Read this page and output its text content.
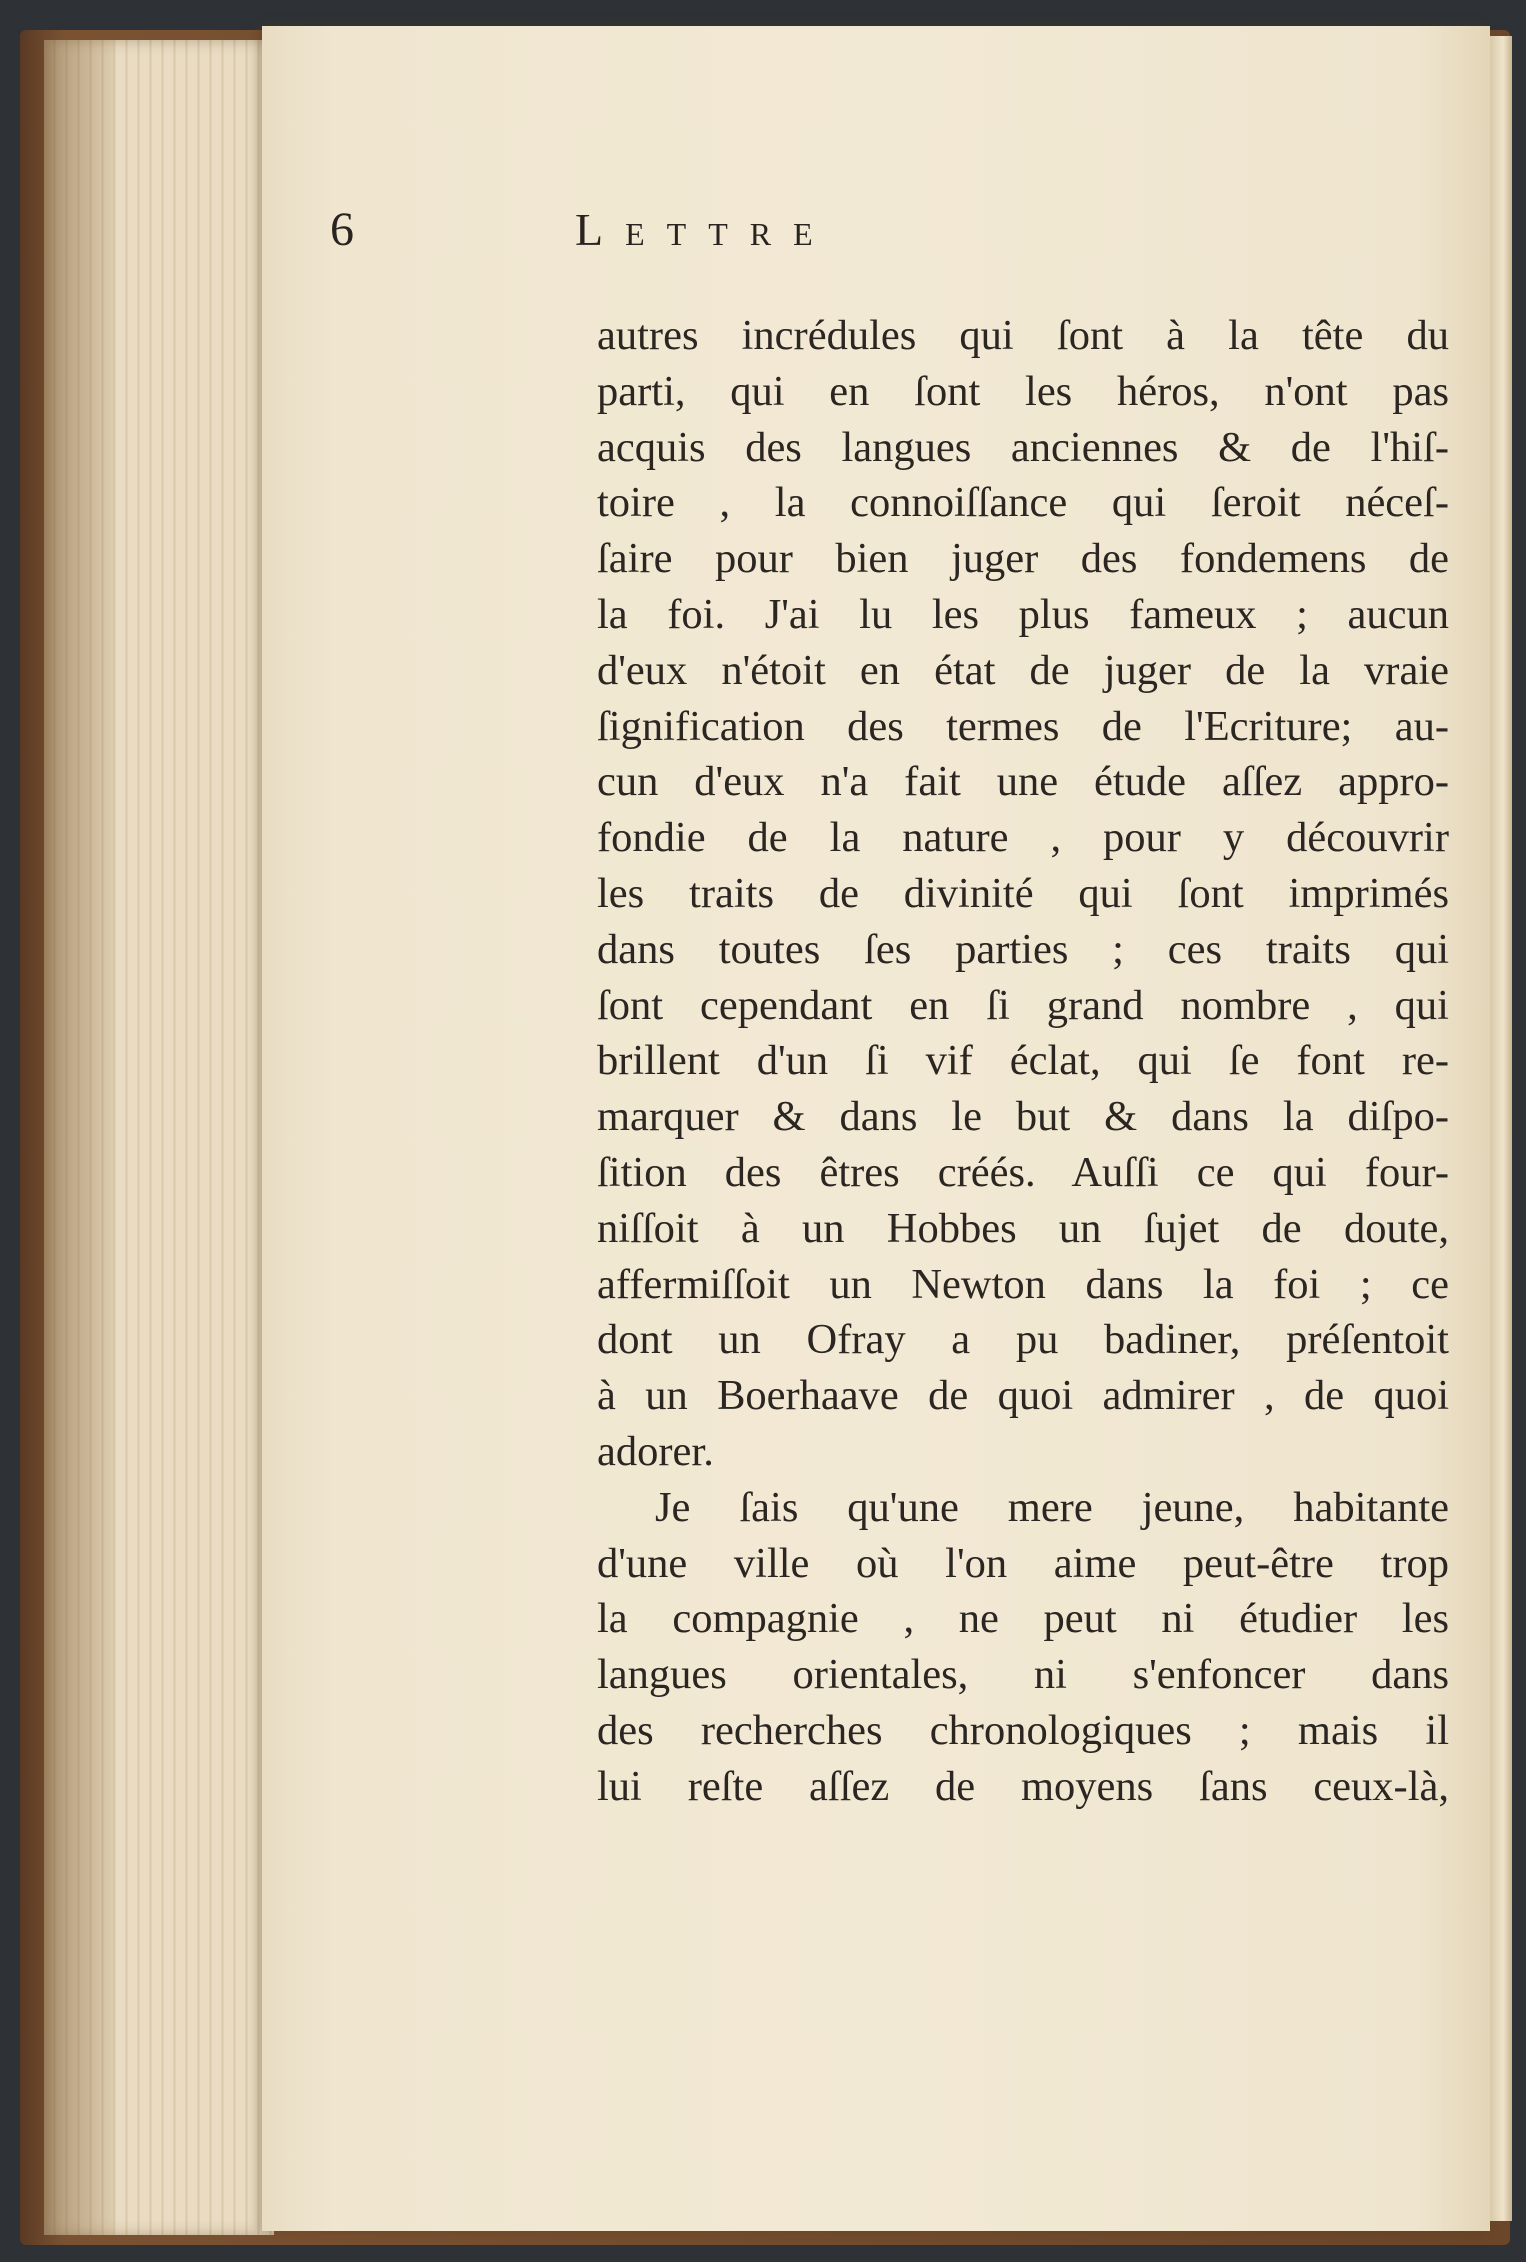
6	Lettre
autres incrédules qui ſont à la tête du
parti, qui en ſont les héros, n'ont pas
acquis des langues anciennes & de l'hiſ-
toire , la connoiſſance qui ſeroit néceſ-
ſaire pour bien juger des fondemens de
la foi. J'ai lu les plus fameux ; aucun
d'eux n'étoit en état de juger de la vraie
ſignification des termes de l'Ecriture; au-
cun d'eux n'a fait une étude aſſez appro-
fondie de la nature , pour y découvrir
les traits de divinité qui ſont imprimés
dans toutes ſes parties ; ces traits qui
ſont cependant en ſi grand nombre , qui
brillent d'un ſi vif éclat, qui ſe font re-
marquer & dans le but & dans la diſpo-
ſition des êtres créés. Auſſi ce qui four-
niſſoit à un Hobbes un ſujet de doute,
affermiſſoit un Newton dans la foi ; ce
dont un Ofray a pu badiner, préſentoit
à un Boerhaave de quoi admirer , de quoi
adorer.
Je ſais qu'une mere jeune, habitante
d'une ville où l'on aime peut-être trop
la compagnie , ne peut ni étudier les
langues orientales, ni s'enfoncer dans
des recherches chronologiques ; mais il
lui reſte aſſez de moyens ſans ceux-là,
